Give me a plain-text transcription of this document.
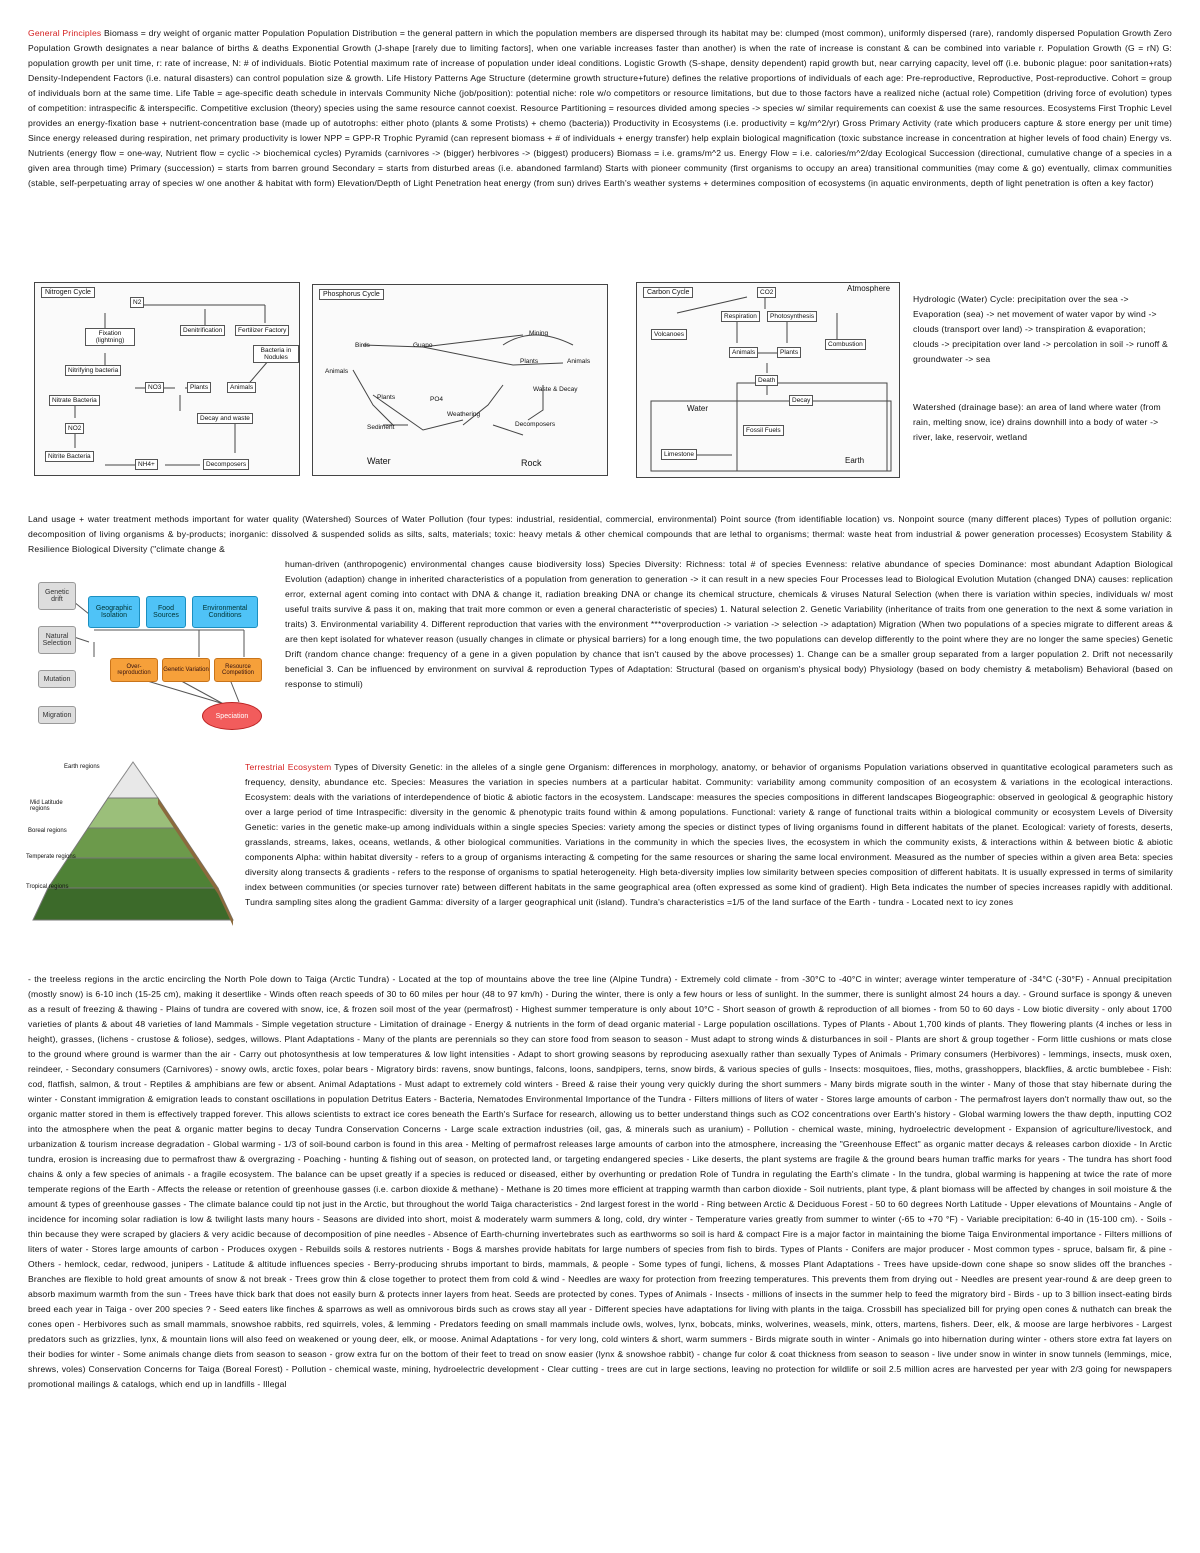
General Principles Biomass = dry weight of organic matter Population Population Distribution = the general pattern in which the population members are dispersed through its habitat may be: clumped (most common), uniformly dispersed (rare), randomly dispersed Population Growth Zero Population Growth designates a near balance of births & deaths Exponential Growth (J-shape [rarely due to limiting factors], when one variable increases faster than another) is when the rate of increase is constant & can be combined into variable r. Population Growth (G = rN) G: population growth per unit time, r: rate of increase, N: # of individuals. Biotic Potential maximum rate of increase of population under ideal conditions. Logistic Growth (S-shape, density dependent) rapid growth but, near carrying capacity, level off (i.e. bubonic plague: poor sanitation+rats) Density-Independent Factors (i.e. natural disasters) can control population size & growth. Life History Patterns Age Structure (determine growth structure+future) defines the relative proportions of individuals of each age: Pre-reproductive, Reproductive, Post-reproductive. Cohort = group of individuals born at the same time. Life Table = age-specific death schedule in intervals Community Niche (job/position): potential niche: role w/o competitors or resource limitations, but due to those factors have a realized niche (actual role) Competition (driving force of evolution) types of competition: intraspecific & interspecific. Competitive exclusion (theory) species using the same resource cannot coexist. Resource Partitioning = resources divided among species -> species w/ similar requirements can coexist & use the same resources. Ecosystems First Trophic Level provides an energy-fixation base + nutrient-concentration base (made up of autotrophs: either photo (plants & some Protists) + chemo (bacteria)) Productivity in Ecosystems (i.e. productivity = kg/m^2/yr) Gross Primary Activity (rate which producers capture & store energy per unit time) Since energy released during respiration, net primary productivity is lower NPP = GPP-R Trophic Pyramid (can represent biomass + # of individuals + energy transfer) help explain biological magnification (toxic substance increase in concentration at higher levels of food chain) Energy vs. Nutrients (energy flow = one-way, Nutrient flow = cyclic -> biochemical cycles) Pyramids (carnivores -> (bigger) herbivores -> (biggest) producers) Biomass = i.e. grams/m^2 us. Energy Flow = i.e. calories/m^2/day Ecological Succession (directional, cumulative change of a species in a given area through time) Primary (succession) = starts from barren ground Secondary = starts from disturbed areas (i.e. abandoned farmland) Starts with pioneer community (first organisms to occupy an area) transitional communities (may come & go) eventually, climax communities (stable, self-perpetuating array of species w/ one another & habitat with form) Elevation/Depth of Light Penetration heat energy (from sun) drives Earth's weather systems + determines composition of ecosystems (in aquatic environments, depth of light penetration is often a key factor)
Nitrogen Cycle
N2
Fixation (lightning)
Denitrification	Fertilizer Factory
Bacteria in Nodules
Nitrifying bacteria
Nitrate Bacteria
NO3	Plants	Animals
Decay and waste
NO2
Nitrite Bacteria
NH4+	Decomposers
Phosphorus Cycle
Guano
Birds
Mining
Plants	Animals
Plants	PO4
Waste & Decay
Animals
Sediment
Weathering
Decomposers
Water	Rock
Carbon Cycle	Atmosphere
CO2
Respiration	Photosynthesis
Volcanoes
Animals	Plants
Combustion
Death
Decay
Water
Fossil Fuels
Limestone
Earth
Hydrologic (Water) Cycle: precipitation over the sea -> Evaporation (sea) -> net movement of water vapor by wind -> clouds (transport over land) -> transpiration & evaporation; clouds -> precipitation over land -> percolation in soil -> runoff & groundwater -> sea
Watershed (drainage base): an area of land where water (from rain, melting snow, ice) drains downhill into a body of water -> river, lake, reservoir, wetland
Land usage + water treatment methods important for water quality (Watershed) Sources of Water Pollution (four types: industrial, residential, commercial, environmental) Point source (from identifiable location) vs. Nonpoint source (many different places) Types of pollution organic: decomposition of living organisms & by-products; inorganic: dissolved & suspended solids as silts, salts, materials; toxic: heavy metals & other chemical compounds that are lethal to organisms; thermal: waste heat from industrial & power generation processes) Ecosystem Stability & Resilience Biological Diversity ("climate change &
Genetic drift
Natural Selection
Mutation
Migration
Geographic Isolation
Food Sources
Environmental Conditions
Over-reproduction	Genetic Variation	Resource Competition
Speciation
human-driven (anthropogenic) environmental changes cause biodiversity loss) Species Diversity: Richness: total # of species Evenness: relative abundance of species Dominance: most abundant Adaption Biological Evolution (adaption) change in inherited characteristics of a population from generation to generation -> it can result in a new species Four Processes lead to Biological Evolution Mutation (changed DNA) causes: replication error, external agent coming into contact with DNA & change it, radiation breaking DNA or change its chemical structure, chemicals & viruses Natural Selection (when there is variation within species, individuals w/ most useful traits survive & pass it on, making that trait more common or even a general characteristic of species) 1. Natural selection 2. Genetic Variability (inheritance of traits from one generation to the next & some variation in traits) 3. Environmental variability 4. Different reproduction that varies with the environment ***overproduction -> variation -> selection -> adaptation) Migration (When two populations of a species migrate to different areas & are then kept isolated for whatever reason (usually changes in climate or physical barriers) for a long enough time, the two populations can develop differently to the point where they are no longer the same species) Genetic Drift (random chance change: frequency of a gene in a given population by chance that isn't caused by the above processes) 1. Change can be a smaller group separated from a larger population 2. Drift not necessarily beneficial 3. Can be influenced by environment on survival & reproduction Types of Adaptation: Structural (based on organism's physical body) Physiology (based on body chemistry & metabolism) Behavioral (based on response to stimuli)
Earth regions
Mid Latitude regions
Boreal regions
Temperate regions
Tropical regions
Terrestrial Ecosystem Types of Diversity Genetic: in the alleles of a single gene Organism: differences in morphology, anatomy, or behavior of organisms Population variations observed in quantitative ecological parameters such as frequency, density, abundance etc. Species: Measures the variation in species numbers at a particular habitat. Community: variability among community composition of an ecosystem & variations in the ecological interactions. Ecosystem: deals with the variations of interdependence of biotic & abiotic factors in the ecosystem. Landscape: measures the species compositions in different landscapes Biogeographic: observed in geological & geographic history over a large period of time Intraspecific: diversity in the genomic & phenotypic traits found within & among populations. Functional: variety & range of functional traits within a biological community or ecosystem Levels of Diversity Genetic: varies in the genetic make-up among individuals within a single species Species: variety among the species or distinct types of living organisms found in different habitats of the planet. Ecological: variety of forests, deserts, grasslands, streams, lakes, oceans, wetlands, & other biological communities. Variations in the community in which the species lives, the ecosystem in which the community exists, & interactions within & between biotic & abiotic components Alpha: within habitat diversity - refers to a group of organisms interacting & competing for the same resources or sharing the same local environment. Measured as the number of species within a given area Beta: species diversity along transects & gradients - refers to the response of organisms to spatial heterogeneity. High beta-diversity implies low similarity between species composition of different habitats. It is usually expressed in terms of similarity index between communities (or species turnover rate) between different habitats in the same geographical area (often expressed as some kind of gradient). High Beta indicates the number of species increases rapidly with additional. Tundra sampling sites along the gradient Gamma: diversity of a larger geographical unit (island). Tundra's characteristics =1/5 of the land surface of the Earth - tundra - Located next to icy zones
- the treeless regions in the arctic encircling the North Pole down to Taiga (Arctic Tundra) - Located at the top of mountains above the tree line (Alpine Tundra) - Extremely cold climate - from -30°C to -40°C in winter; average winter temperature of -34°C (-30°F) - Annual precipitation (mostly snow) is 6-10 inch (15-25 cm), making it desertlike - Winds often reach speeds of 30 to 60 miles per hour (48 to 97 km/h) - During the winter, there is only a few hours or less of sunlight. In the summer, there is sunlight almost 24 hours a day. - Ground surface is spongy & uneven as a result of freezing & thawing - Plains of tundra are covered with snow, ice, & frozen soil most of the year (permafrost) - Highest summer temperature is only about 10°C - Short season of growth & reproduction of all biomes - from 50 to 60 days - Low biotic diversity - only about 1700 varieties of plants & about 48 varieties of land Mammals - Simple vegetation structure - Limitation of drainage - Energy & nutrients in the form of dead organic material - Large population oscillations. Types of Plants - About 1,700 kinds of plants. They flowering plants (4 inches or less in height), grasses, (lichens - crustose & foliose), sedges, willows. Plant Adaptations - Many of the plants are perennials so they can store food from season to season - Must adapt to strong winds & disturbances in soil - Plants are short & group together - Form little cushions or mats close to the ground where ground is warmer than the air - Carry out photosynthesis at low temperatures & low light intensities - Adapt to short growing seasons by reproducing asexually rather than sexually Types of Animals - Primary consumers (Herbivores) - lemmings, insects, musk oxen, reindeer, - Secondary consumers (Carnivores) - snowy owls, arctic foxes, polar bears - Migratory birds: ravens, snow buntings, falcons, loons, sandpipers, terns, snow birds, & various species of gulls - Insects: mosquitoes, flies, moths, grasshoppers, blackflies, & arctic bumblebee - Fish: cod, flatfish, salmon, & trout - Reptiles & amphibians are few or absent. Animal Adaptations - Must adapt to extremely cold winters - Breed & raise their young very quickly during the short summers - Many birds migrate south in the winter - Many of those that stay hibernate during the winter - Constant immigration & emigration leads to constant oscillations in population Detritus Eaters - Bacteria, Nematodes Environmental Importance of the Tundra - Filters millions of liters of water - Stores large amounts of carbon - The permafrost layers don't normally thaw out, so the organic matter stored in them is effectively trapped forever. This allows scientists to extract ice cores beneath the Earth's Surface for research, allowing us to better understand things such as CO2 concentrations over Earth's history - Global warming lowers the thaw depth, inputting CO2 into the atmosphere when the peat & organic matter begins to decay Tundra Conservation Concerns - Large scale extraction industries (oil, gas, & minerals such as uranium) - Pollution - chemical waste, mining, hydroelectric development - Expansion of agriculture/livestock, and urbanization & tourism increase degradation - Global warming - 1/3 of soil-bound carbon is found in this area - Melting of permafrost releases large amounts of carbon into the atmosphere, increasing the "Greenhouse Effect" as organic matter decays & releases carbon dioxide - In Arctic tundra, erosion is increasing due to permafrost thaw & overgrazing - Poaching - hunting & fishing out of season, on protected land, or targeting endangered species - Like deserts, the plant systems are fragile & the ground bears human traffic marks for years - The tundra has short food chains & only a few species of animals - a fragile ecosystem. The balance can be upset greatly if a species is reduced or diseased, either by overhunting or predation Role of Tundra in regulating the Earth's climate - In the tundra, global warming is happening at twice the rate of more temperate regions of the Earth - Affects the release or retention of greenhouse gasses (i.e. carbon dioxide & methane) - Methane is 20 times more efficient at trapping warmth than carbon dioxide - Soil nutrients, plant type, & plant biomass will be affected by changes in soil moisture & the amount & types of greenhouse gasses - The climate balance could tip not just in the Arctic, but throughout the world Taiga characteristics - 2nd largest forest in the world - Ring between Arctic & Deciduous Forest - 50 to 60 degrees North Latitude - Upper elevations of Mountains - Angle of incidence for incoming solar radiation is low & twilight lasts many hours - Seasons are divided into short, moist & moderately warm summers & long, cold, dry winter - Temperature varies greatly from summer to winter (-65 to +70 °F) - Variable precipitation: 6-40 in (15-100 cm). - Soils - thin because they were scraped by glaciers & very acidic because of decomposition of pine needles - Absence of Earth-churning invertebrates such as earthworms so soil is hard & compact Fire is a major factor in maintaining the biome Taiga Environmental importance - Filters millions of liters of water - Stores large amounts of carbon - Produces oxygen - Rebuilds soils & restores nutrients - Bogs & marshes provide habitats for large numbers of species from fish to birds. Types of Plants - Conifers are major producer - Most common types - spruce, balsam fir, & pine - Others - hemlock, cedar, redwood, junipers - Latitude & altitude influences species - Berry-producing shrubs important to birds, mammals, & people - Some types of fungi, lichens, & mosses Plant Adaptations - Trees have upside-down cone shape so snow slides off the branches - Branches are flexible to hold great amounts of snow & not break - Trees grow thin & close together to protect them from cold & wind - Needles are waxy for protection from freezing temperatures. This prevents them from drying out - Needles are present year-round & are deep green to absorb maximum warmth from the sun - Trees have thick bark that does not easily burn & protects inner layers from heat. Seeds are protected by cones. Types of Animals - Insects - millions of insects in the summer help to feed the migratory bird - Birds - up to 3 billion insect-eating birds breed each year in Taiga - over 200 species ? - Seed eaters like finches & sparrows as well as omnivorous birds such as crows stay all year - Different species have adaptations for living with plants in the taiga. Crossbill has specialized bill for prying open cones & nuthatch can break the cones open - Herbivores such as small mammals, snowshoe rabbits, red squirrels, voles, & lemming - Predators feeding on small mammals include owls, wolves, lynx, bobcats, minks, wolverines, weasels, mink, otters, martens, fishers. Deer, elk, & moose are large herbivores - Largest predators such as grizzlies, lynx, & mountain lions will also feed on weakened or young deer, elk, or moose. Animal Adaptations - for very long, cold winters & short, warm summers - Birds migrate south in winter - Animals go into hibernation during winter - others store extra fat layers on their bodies for winter - Some animals change diets from season to season - grow extra fur on the bottom of their feet to tread on snow easier (lynx & snowshoe rabbit) - change fur color & coat thickness from season to season - live under snow in winter in snow tunnels (lemmings, mice, shrews, voles) Conservation Concerns for Taiga (Boreal Forest) - Pollution - chemical waste, mining, hydroelectric development - Clear cutting - trees are cut in large sections, leaving no protection for wildlife or soil 2.5 million acres are harvested per year with 2/3 going for newspapers promotional mailings & catalogs, which end up in landfills - Illegal
